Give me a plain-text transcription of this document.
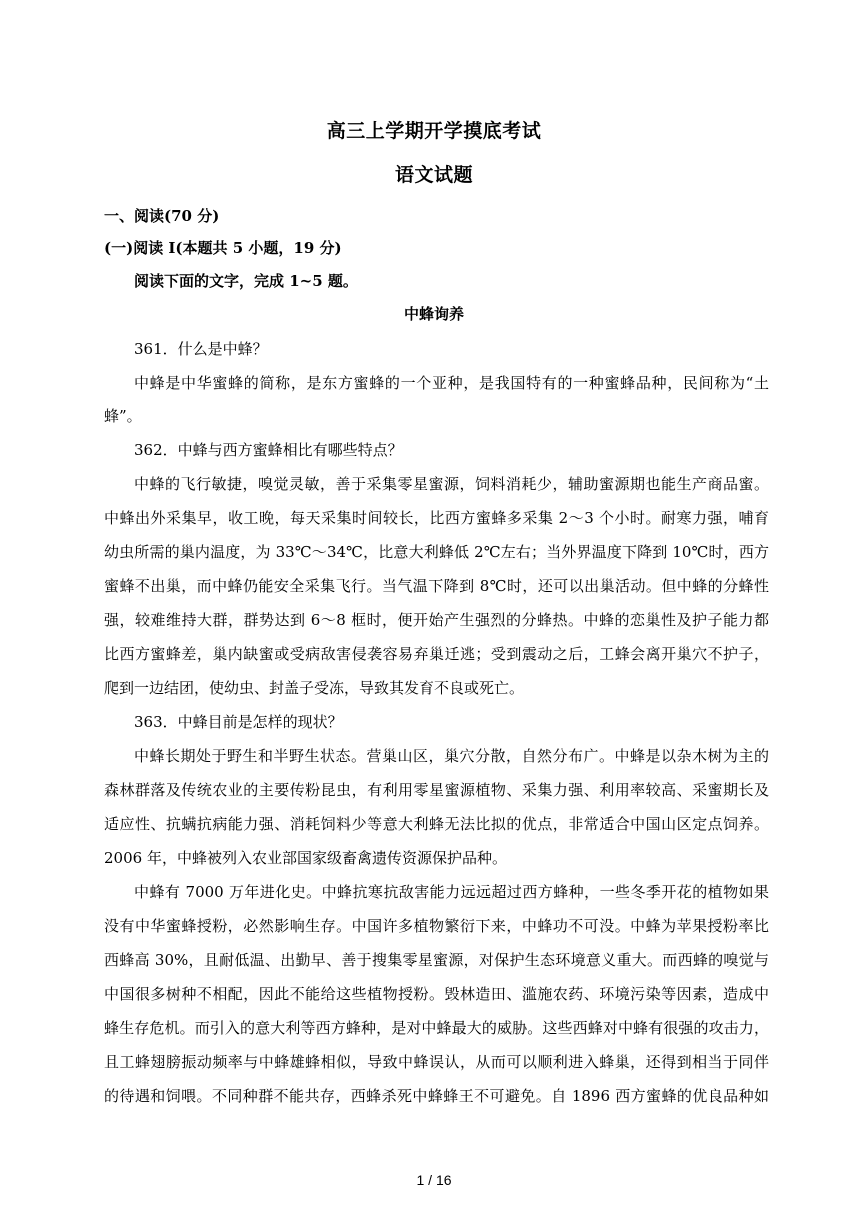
高三上学期开学摸底考试
语文试题
一、阅读(70 分)
(一)阅读 I(本题共 5 小题，19 分)
阅读下面的文字，完成 1~5 题。
中蜂询养
361．什么是中蜂？
中蜂是中华蜜蜂的简称，是东方蜜蜂的一个亚种，是我国特有的一种蜜蜂品种，民间称为“土
蜂”。
362．中蜂与西方蜜蜂相比有哪些特点？
中蜂的飞行敏捷，嗅觉灵敏，善于采集零星蜜源，饲料消耗少，辅助蜜源期也能生产商品蜜。
中蜂出外采集早，收工晚，每天采集时间较长，比西方蜜蜂多采集 2～3 个小时。耐寒力强，哺育
幼虫所需的巢内温度，为 33℃～34℃，比意大利蜂低 2℃左右；当外界温度下降到 10℃时，西方
蜜蜂不出巢，而中蜂仍能安全采集飞行。当气温下降到 8℃时，还可以出巢活动。但中蜂的分蜂性
强，较难维持大群，群势达到 6～8 框时，便开始产生强烈的分蜂热。中蜂的恋巢性及护子能力都
比西方蜜蜂差，巢内缺蜜或受病敌害侵袭容易弃巢迁逃；受到震动之后，工蜂会离开巢穴不护子，
爬到一边结团，使幼虫、封盖子受冻，导致其发育不良或死亡。
363．中蜂目前是怎样的现状？
中蜂长期处于野生和半野生状态。营巢山区，巢穴分散，自然分布广。中蜂是以杂木树为主的
森林群落及传统农业的主要传粉昆虫，有利用零星蜜源植物、采集力强、利用率较高、采蜜期长及
适应性、抗螨抗病能力强、消耗饲料少等意大利蜂无法比拟的优点，非常适合中国山区定点饲养。
2006 年，中蜂被列入农业部国家级畜禽遗传资源保护品种。
中蜂有 7000 万年进化史。中蜂抗寒抗敌害能力远远超过西方蜂种，一些冬季开花的植物如果
没有中华蜜蜂授粉，必然影响生存。中国许多植物繁衍下来，中蜂功不可没。中蜂为苹果授粉率比
西蜂高 30%，且耐低温、出勤早、善于搜集零星蜜源，对保护生态环境意义重大。而西蜂的嗅觉与
中国很多树种不相配，因此不能给这些植物授粉。毁林造田、滥施农药、环境污染等因素，造成中
蜂生存危机。而引入的意大利等西方蜂种，是对中蜂最大的威胁。这些西蜂对中蜂有很强的攻击力，
且工蜂翅膀振动频率与中蜂雄蜂相似，导致中蜂误认，从而可以顺利进入蜂巢，还得到相当于同伴
的待遇和饲喂。不同种群不能共存，西蜂杀死中蜂蜂王不可避免。自 1896 西方蜜蜂的优良品种如
1 / 16
